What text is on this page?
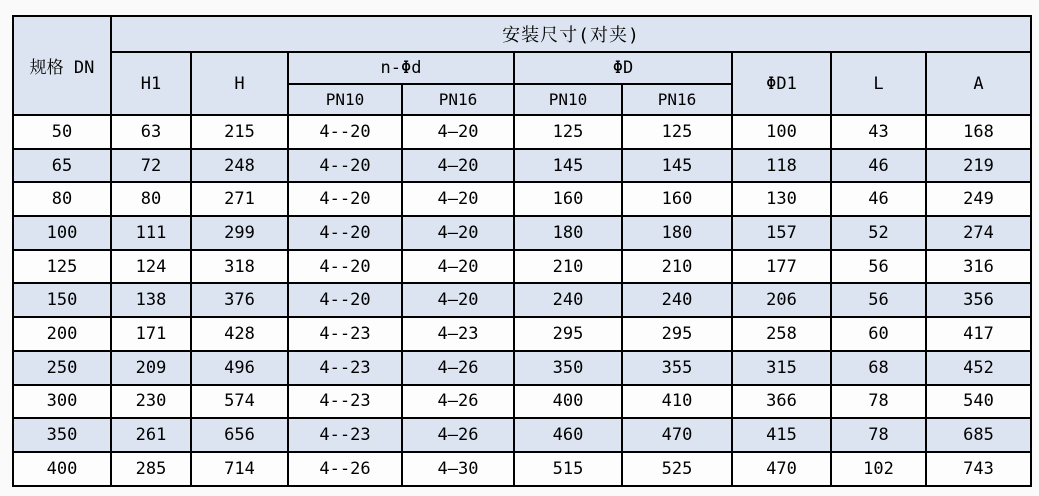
规格 DN	安装尺寸(对夹)								
	H1	H	n-Φd		ΦD		ΦD1	L	A
			PN10	PN16	PN10	PN16			
50	63	215	4--20	4—20	125	125	100	43	168
65	72	248	4--20	4—20	145	145	118	46	219
80	80	271	4--20	4—20	160	160	130	46	249
100	111	299	4--20	4—20	180	180	157	52	274
125	124	318	4--20	4—20	210	210	177	56	316
150	138	376	4--20	4—20	240	240	206	56	356
200	171	428	4--23	4—23	295	295	258	60	417
250	209	496	4--23	4—26	350	355	315	68	452
300	230	574	4--23	4—26	400	410	366	78	540
350	261	656	4--23	4—26	460	470	415	78	685
400	285	714	4--26	4—30	515	525	470	102	743
